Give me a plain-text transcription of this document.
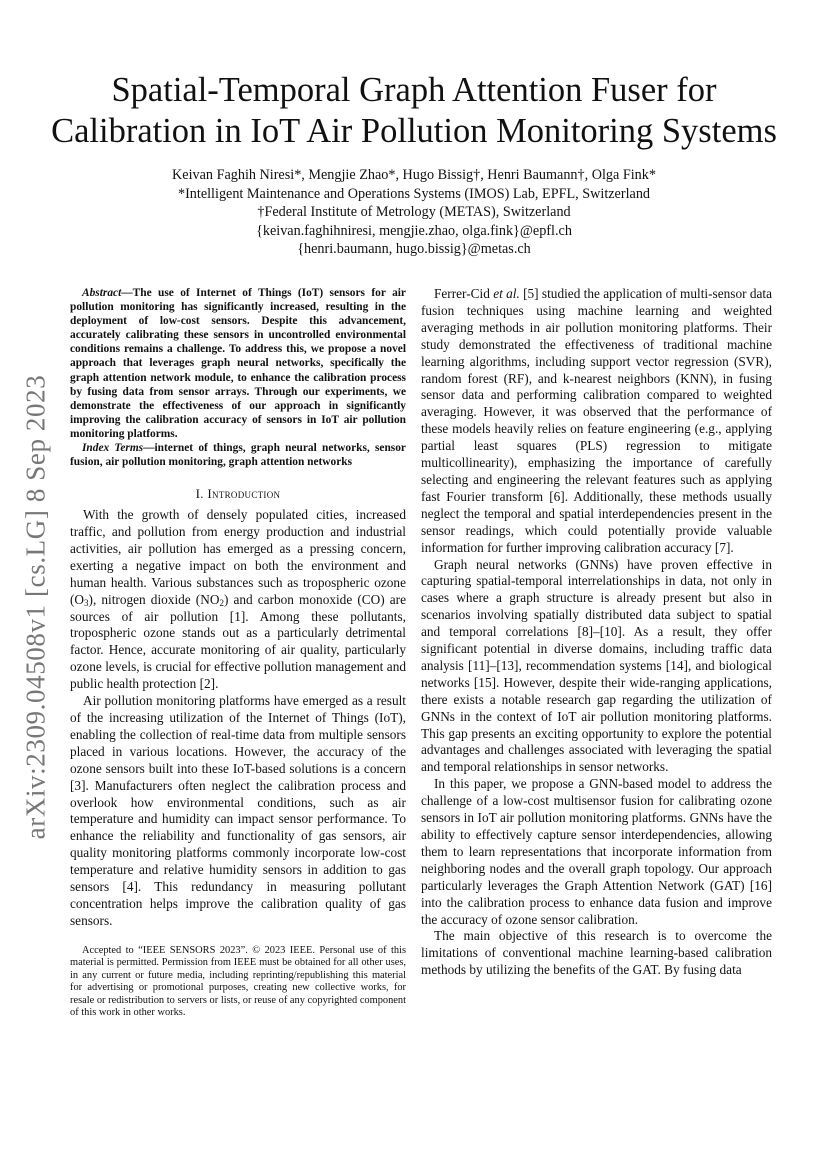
arXiv:2309.04508v1 [cs.LG] 8 Sep 2023
Spatial-Temporal Graph Attention Fuser for
Calibration in IoT Air Pollution Monitoring Systems
Keivan Faghih Niresi*, Mengjie Zhao*, Hugo Bissig†, Henri Baumann†, Olga Fink*
*Intelligent Maintenance and Operations Systems (IMOS) Lab, EPFL, Switzerland
†Federal Institute of Metrology (METAS), Switzerland
{keivan.faghihniresi, mengjie.zhao, olga.fink}@epfl.ch
{henri.baumann, hugo.bissig}@metas.ch

Abstract—The use of Internet of Things (IoT) sensors for air pollution monitoring has significantly increased, resulting in the deployment of low-cost sensors. Despite this advancement, accurately calibrating these sensors in uncontrolled environmental conditions remains a challenge. To address this, we propose a novel approach that leverages graph neural networks, specifically the graph attention network module, to enhance the calibration process by fusing data from sensor arrays. Through our experiments, we demonstrate the effectiveness of our approach in significantly improving the calibration accuracy of sensors in IoT air pollution monitoring platforms.

Index Terms—internet of things, graph neural networks, sensor fusion, air pollution monitoring, graph attention networks

I. Introduction

With the growth of densely populated cities, increased traffic, and pollution from energy production and industrial activities, air pollution has emerged as a pressing concern, exerting a negative impact on both the environment and human health. Various substances such as tropospheric ozone $(O_3)$, nitrogen dioxide $(NO_2)$ and carbon monoxide (CO) are sources of air pollution [1]. Among these pollutants, tropospheric ozone stands out as a particularly detrimental factor. Hence, accurate monitoring of air quality, particularly ozone levels, is crucial for effective pollution management and public health protection [2].

Air pollution monitoring platforms have emerged as a result of the increasing utilization of the Internet of Things (IoT), enabling the collection of real-time data from multiple sensors placed in various locations. However, the accuracy of the ozone sensors built into these IoT-based solutions is a concern [3]. Manufacturers often neglect the calibration process and overlook how environmental conditions, such as air temperature and humidity can impact sensor performance. To enhance the reliability and functionality of gas sensors, air quality monitoring platforms commonly incorporate low-cost temperature and relative humidity sensors in addition to gas sensors [4]. This redundancy in measuring pollutant concentration helps improve the calibration quality of gas sensors.

Accepted to “IEEE SENSORS 2023”. © 2023 IEEE. Personal use of this material is permitted. Permission from IEEE must be obtained for all other uses, in any current or future media, including reprinting/republishing this material for advertising or promotional purposes, creating new collective works, for resale or redistribution to servers or lists, or reuse of any copyrighted component of this work in other works.

Ferrer-Cid et al. [5] studied the application of multi-sensor data fusion techniques using machine learning and weighted averaging methods in air pollution monitoring platforms. Their study demonstrated the effectiveness of traditional machine learning algorithms, including support vector regression (SVR), random forest (RF), and k-nearest neighbors (KNN), in fusing sensor data and performing calibration compared to weighted averaging. However, it was observed that the performance of these models heavily relies on feature engineering (e.g., applying partial least squares (PLS) regression to mitigate multicollinearity), emphasizing the importance of carefully selecting and engineering the relevant features such as applying fast Fourier transform [6]. Additionally, these methods usually neglect the temporal and spatial interdependencies present in the sensor readings, which could potentially provide valuable information for further improving calibration accuracy [7].

Graph neural networks (GNNs) have proven effective in capturing spatial-temporal interrelationships in data, not only in cases where a graph structure is already present but also in scenarios involving spatially distributed data subject to spatial and temporal correlations [8]–[10]. As a result, they offer significant potential in diverse domains, including traffic data analysis [11]–[13], recommendation systems [14], and biological networks [15]. However, despite their wide-ranging applications, there exists a notable research gap regarding the utilization of GNNs in the context of IoT air pollution monitoring platforms. This gap presents an exciting opportunity to explore the potential advantages and challenges associated with leveraging the spatial and temporal relationships in sensor networks.

In this paper, we propose a GNN-based model to address the challenge of a low-cost multisensor fusion for calibrating ozone sensors in IoT air pollution monitoring platforms. GNNs have the ability to effectively capture sensor interdependencies, allowing them to learn representations that incorporate information from neighboring nodes and the overall graph topology. Our approach particularly leverages the Graph Attention Network (GAT) [16] into the calibration process to enhance data fusion and improve the accuracy of ozone sensor calibration.

The main objective of this research is to overcome the limitations of conventional machine learning-based calibration methods by utilizing the benefits of the GAT. By fusing data
